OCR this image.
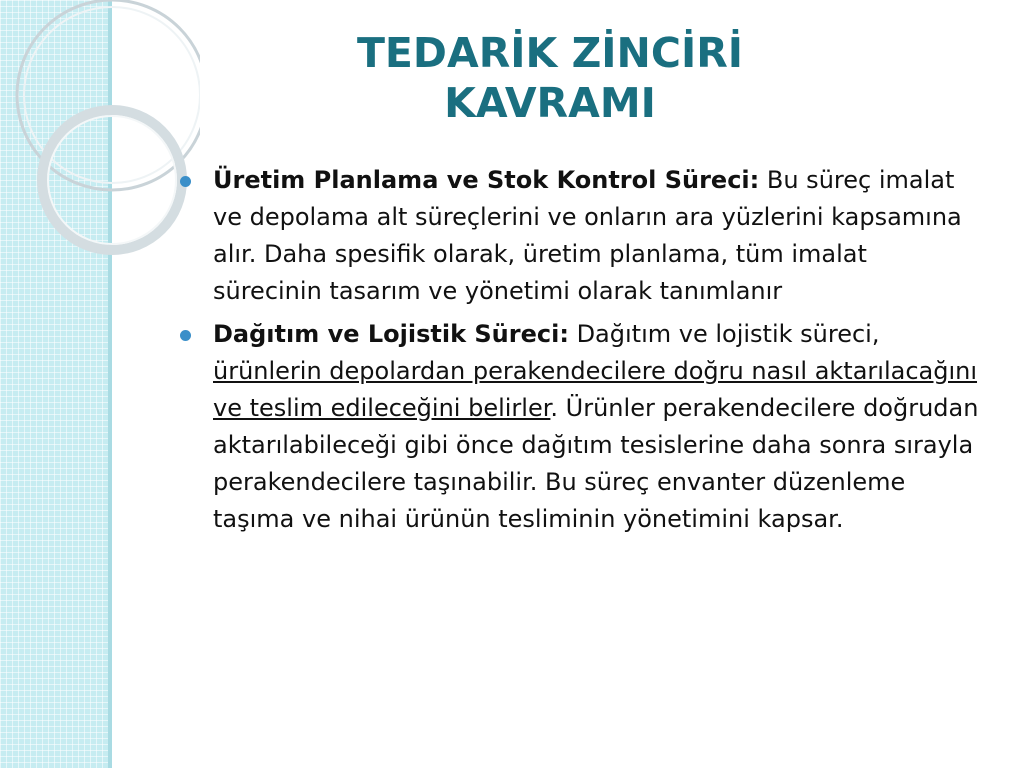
TEDARİK ZİNCİRİ
KAVRAMI
Üretim Planlama ve Stok Kontrol Süreci: Bu süreç imalat ve depolama alt süreçlerini ve onların ara yüzlerini kapsamına alır. Daha spesifik olarak, üretim planlama, tüm imalat sürecinin tasarım ve yönetimi olarak tanımlanır
Dağıtım ve Lojistik Süreci: Dağıtım ve lojistik süreci, ürünlerin depolardan perakendecilere doğru nasıl aktarılacağını ve teslim edileceğini belirler. Ürünler perakendecilere doğrudan aktarılabileceği gibi önce dağıtım tesislerine daha sonra sırayla perakendecilere taşınabilir. Bu süreç envanter düzenleme taşıma ve nihai ürünün tesliminin yönetimini kapsar.
